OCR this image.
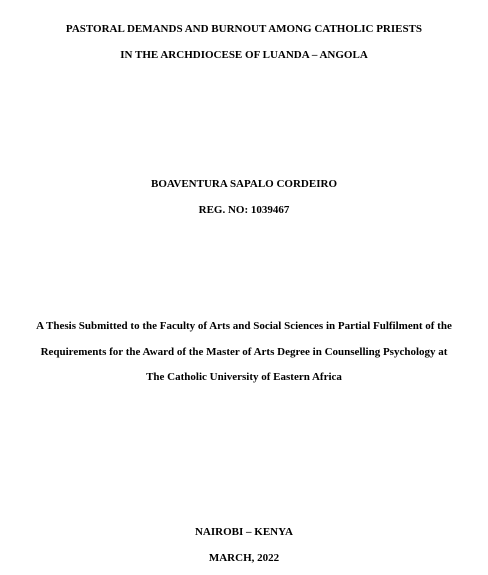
PASTORAL DEMANDS AND BURNOUT AMONG CATHOLIC PRIESTS
IN THE ARCHDIOCESE OF LUANDA – ANGOLA
BOAVENTURA SAPALO CORDEIRO
REG. NO: 1039467
A Thesis Submitted to the Faculty of Arts and Social Sciences in Partial Fulfilment of the
Requirements for the Award of the Master of Arts Degree in Counselling Psychology at
The Catholic University of Eastern Africa
NAIROBI – KENYA
MARCH, 2022
